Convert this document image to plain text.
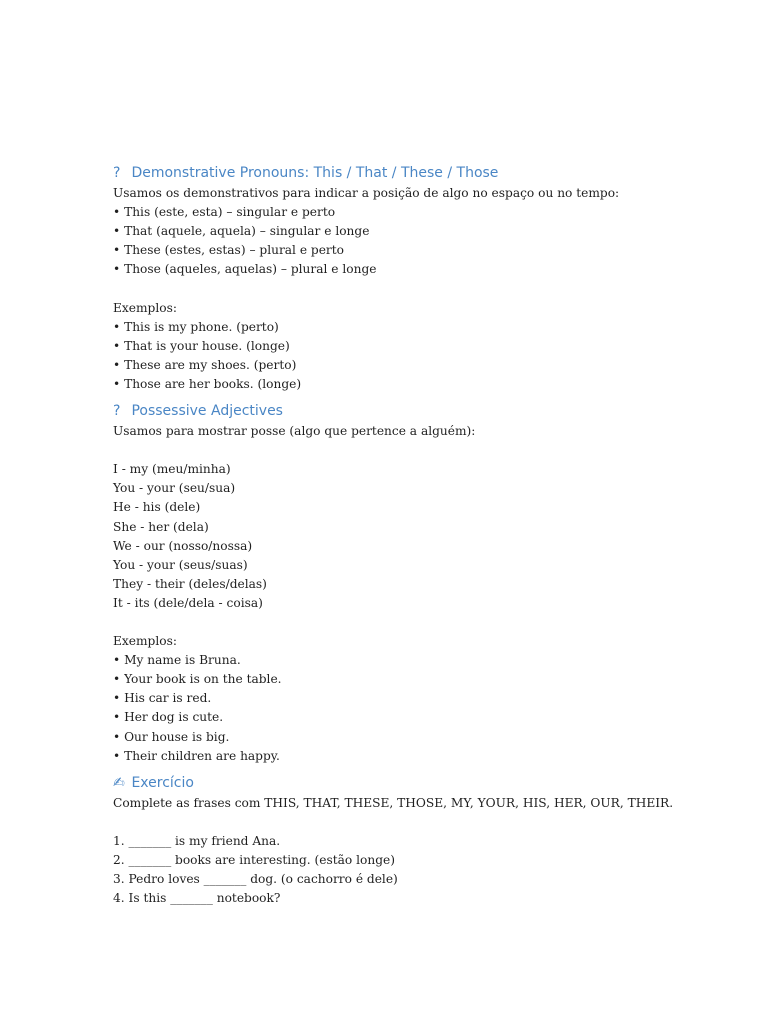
? Demonstrative Pronouns: This / That / These / Those
Usamos os demonstrativos para indicar a posição de algo no espaço ou no tempo:
• This (este, esta) – singular e perto
• That (aquele, aquela) – singular e longe
• These (estes, estas) – plural e perto
• Those (aqueles, aquelas) – plural e longe
Exemplos:
• This is my phone. (perto)
• That is your house. (longe)
• These are my shoes. (perto)
• Those are her books. (longe)
? Possessive Adjectives
Usamos para mostrar posse (algo que pertence a alguém):
I - my (meu/minha)
You - your (seu/sua)
He - his (dele)
She - her (dela)
We - our (nosso/nossa)
You - your (seus/suas)
They - their (deles/delas)
It - its (dele/dela - coisa)
Exemplos:
• My name is Bruna.
• Your book is on the table.
• His car is red.
• Her dog is cute.
• Our house is big.
• Their children are happy.
✍ Exercício
Complete as frases com THIS, THAT, THESE, THOSE, MY, YOUR, HIS, HER, OUR, THEIR.
1. _______ is my friend Ana.
2. _______ books are interesting. (estão longe)
3. Pedro loves _______ dog. (o cachorro é dele)
4. Is this _______ notebook?
